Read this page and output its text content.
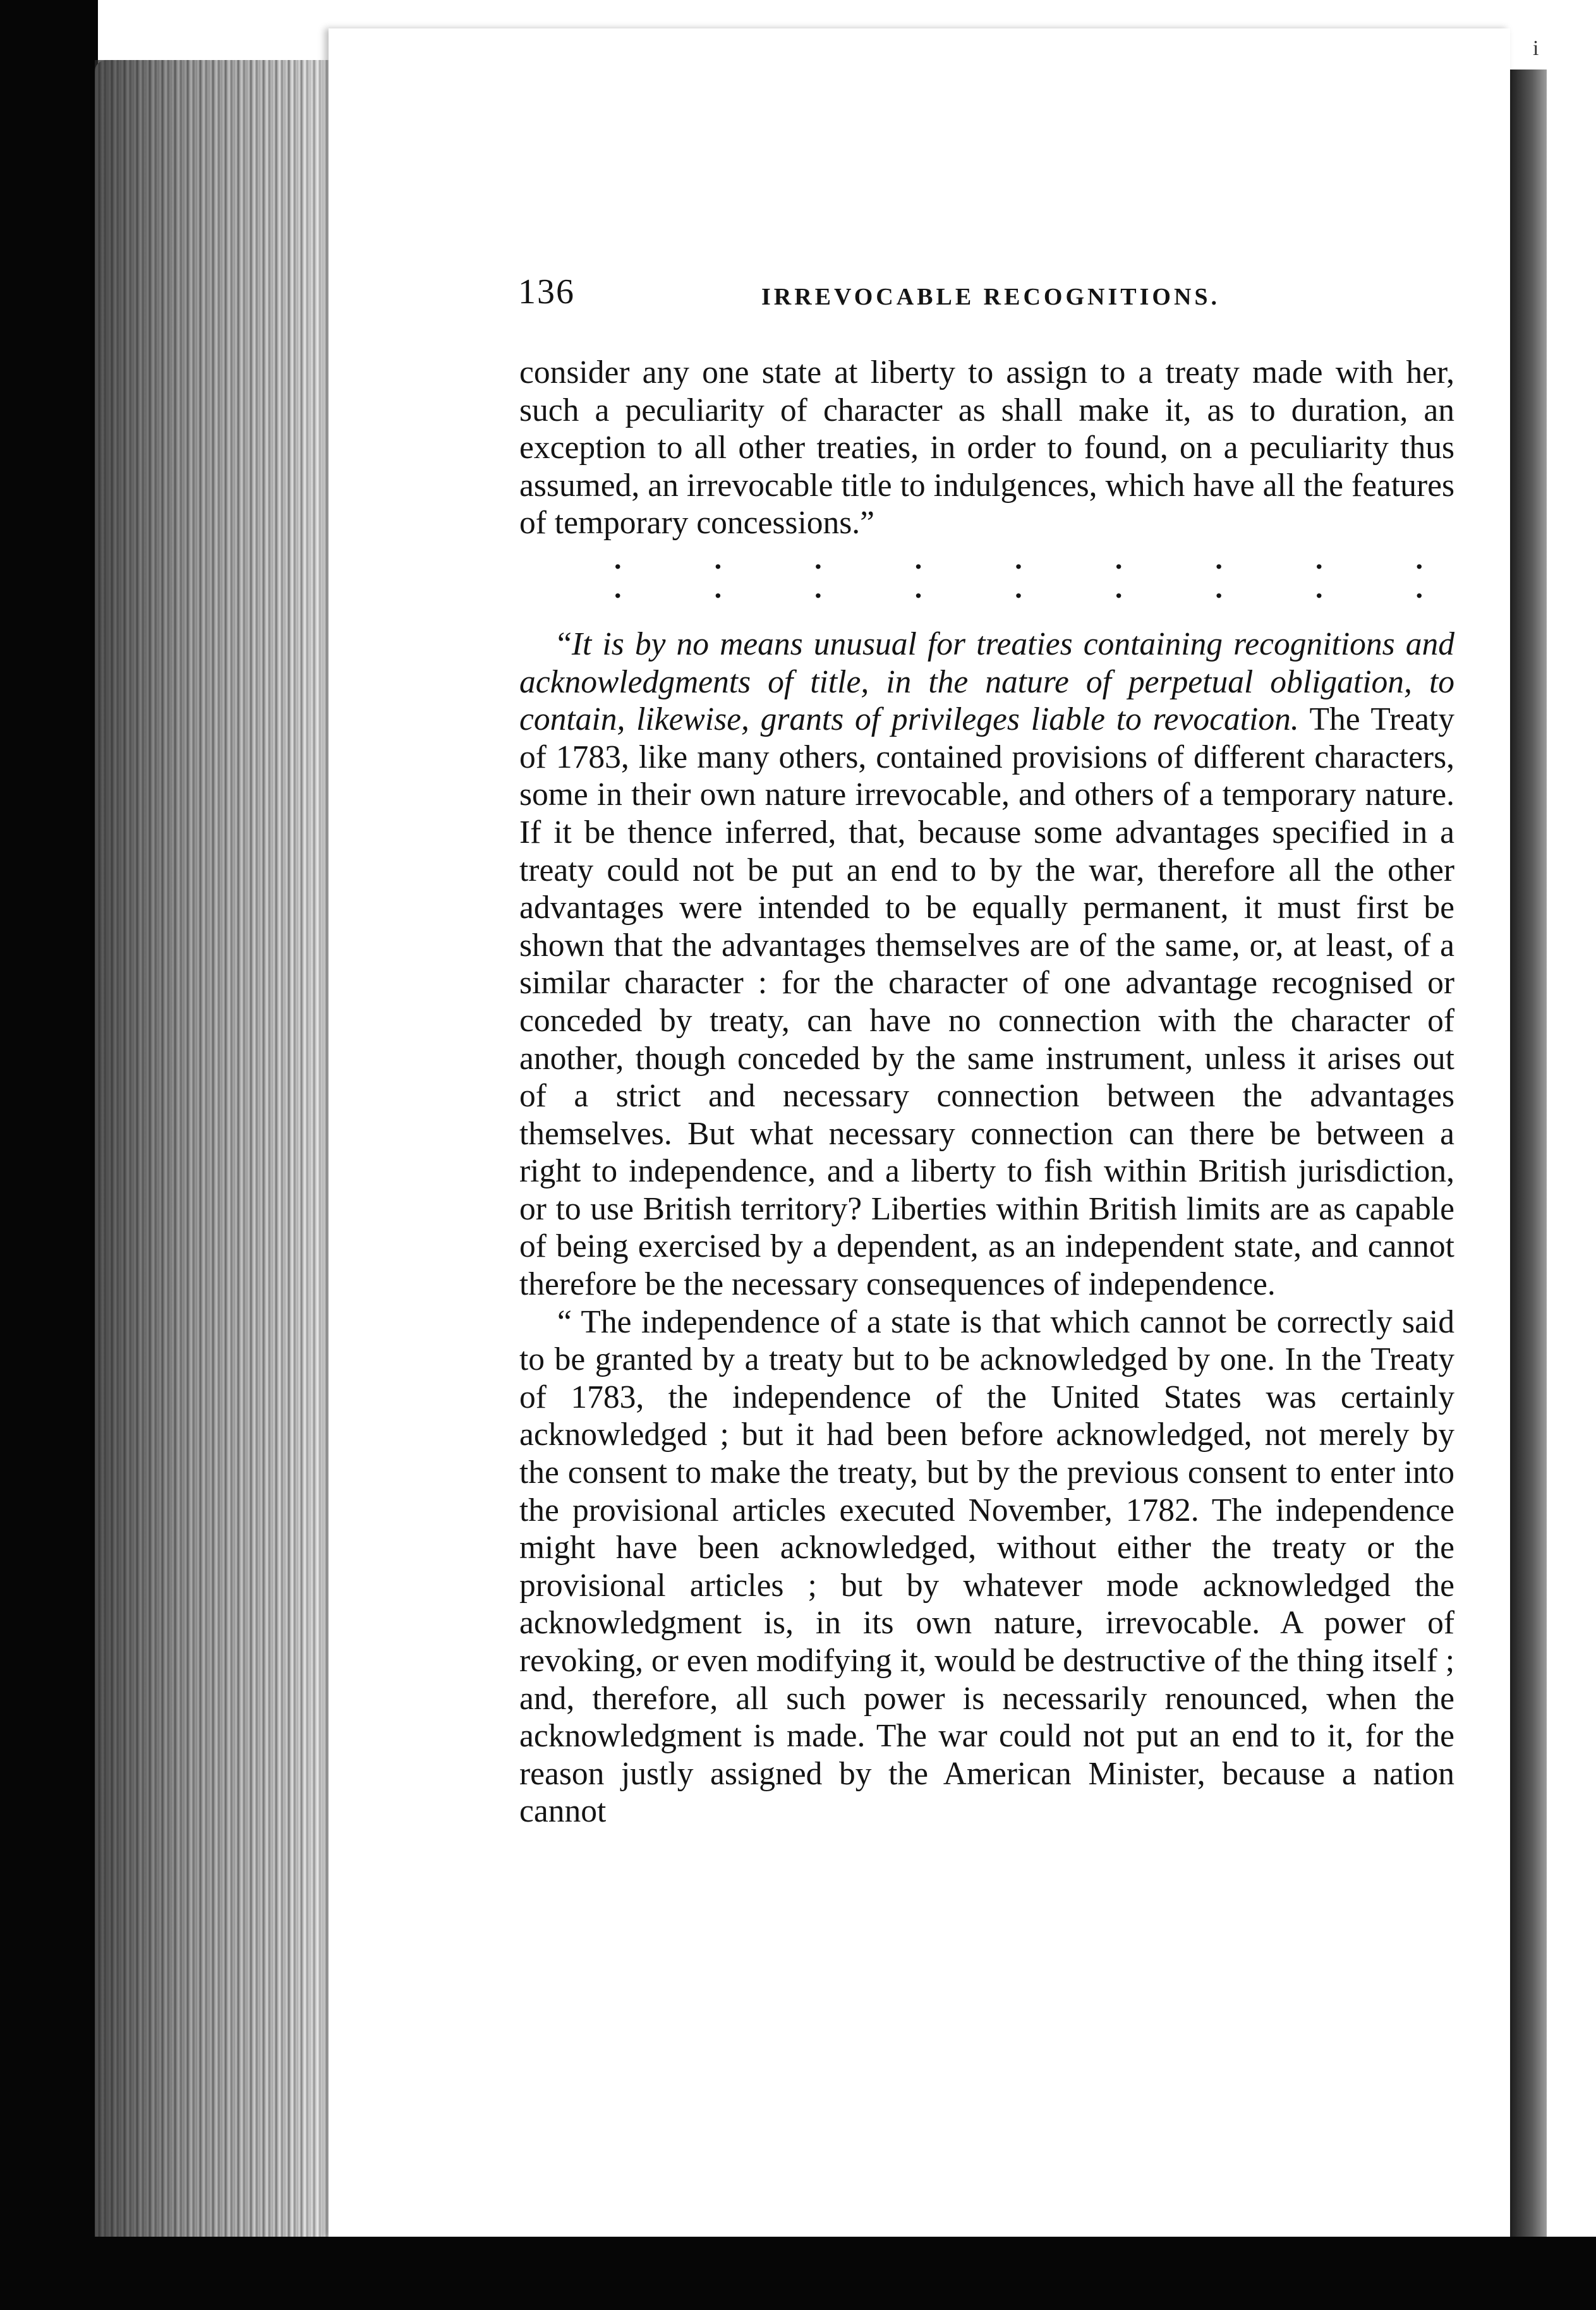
i
136	IRREVOCABLE RECOGNITIONS.

consider any one state at liberty to assign to a treaty made with her, such a peculiarity of character as shall make it, as to duration, an exception to all other treaties, in order to found, on a peculiarity thus assumed, an irrevocable title to indulgences, which have all the features of temporary concessions.”

.	.	.	.	.	.	.	.	.
.	.	.	.	.	.	.	.	.

“It is by no means unusual for treaties containing recognitions and acknowledgments of title, in the nature of perpetual obligation, to contain, likewise, grants of privileges liable to revocation. The Treaty of 1783, like many others, contained provisions of different characters, some in their own nature irrevocable, and others of a temporary nature. If it be thence inferred, that, because some advantages specified in a treaty could not be put an end to by the war, therefore all the other advantages were intended to be equally permanent, it must first be shown that the advantages themselves are of the same, or, at least, of a similar character : for the character of one advantage recognised or conceded by treaty, can have no connection with the character of another, though conceded by the same instrument, unless it arises out of a strict and necessary connection between the advantages themselves. But what necessary connection can there be between a right to independence, and a liberty to fish within British jurisdiction, or to use British territory? Liberties within British limits are as capable of being exercised by a dependent, as an independent state, and cannot therefore be the necessary consequences of independence.

“ The independence of a state is that which cannot be correctly said to be granted by a treaty but to be acknowledged by one. In the Treaty of 1783, the independence of the United States was certainly acknowledged ; but it had been before acknowledged, not merely by the consent to make the treaty, but by the previous consent to enter into the provisional articles executed November, 1782. The independence might have been acknowledged, without either the treaty or the provisional articles ; but by whatever mode acknowledged the acknowledgment is, in its own nature, irrevocable. A power of revoking, or even modifying it, would be destructive of the thing itself ; and, therefore, all such power is necessarily renounced, when the acknowledgment is made. The war could not put an end to it, for the reason justly assigned by the American Minister, because a nation cannot
